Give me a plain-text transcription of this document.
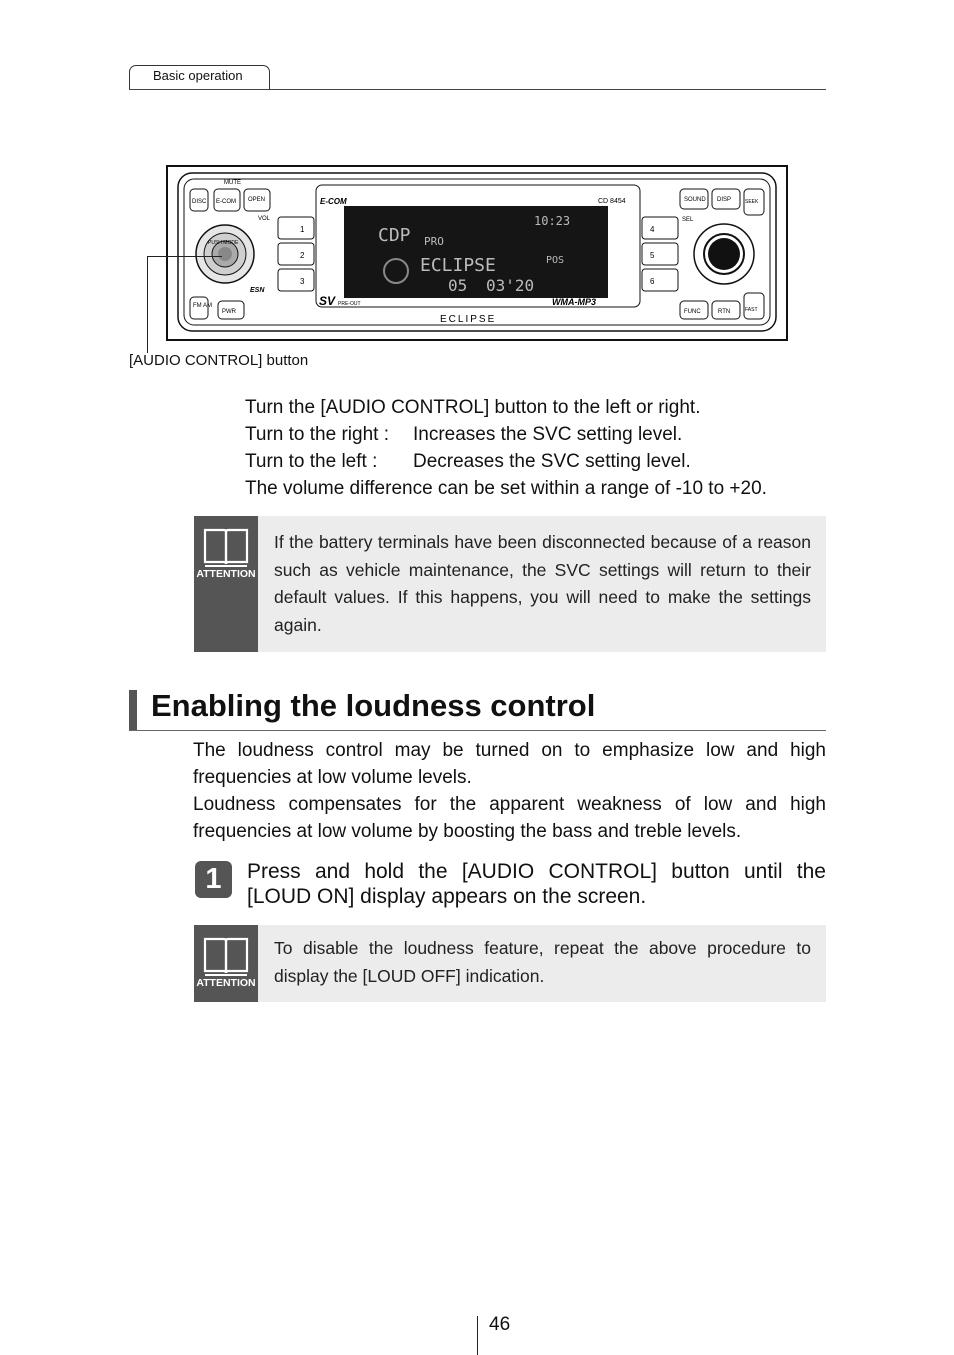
Basic operation
DISC E-COM OPEN
MUTE
VOL
FM AM
PWR
ESN
PUSH MODE
1
2
3
E-COM	CD 8454
CDP PRO
10:23
ECLIPSE
05 03'20
POS
SV PRE-OUT	WMA-MP3
ECLIPSE
4
5
6
SOUND DISP	SEEK
SEL
FUNC	RTN	FAST
[AUDIO CONTROL] button
Turn the [AUDIO CONTROL] button to the left or right.
Turn to the right : Increases the SVC setting level.
Turn to the left : Decreases the SVC setting level.
The volume difference can be set within a range of -10 to +20.
ATTENTION
If the battery terminals have been disconnected because of a reason such as vehicle maintenance, the SVC settings will return to their default values. If this happens, you will need to make the settings again.
Enabling the loudness control
The loudness control may be turned on to emphasize low and high frequencies at low volume levels.
Loudness compensates for the apparent weakness of low and high frequencies at low volume by boosting the bass and treble levels.
1	Press and hold the [AUDIO CONTROL] button until the [LOUD ON] display appears on the screen.
ATTENTION
To disable the loudness feature, repeat the above procedure to display the [LOUD OFF] indication.
46
